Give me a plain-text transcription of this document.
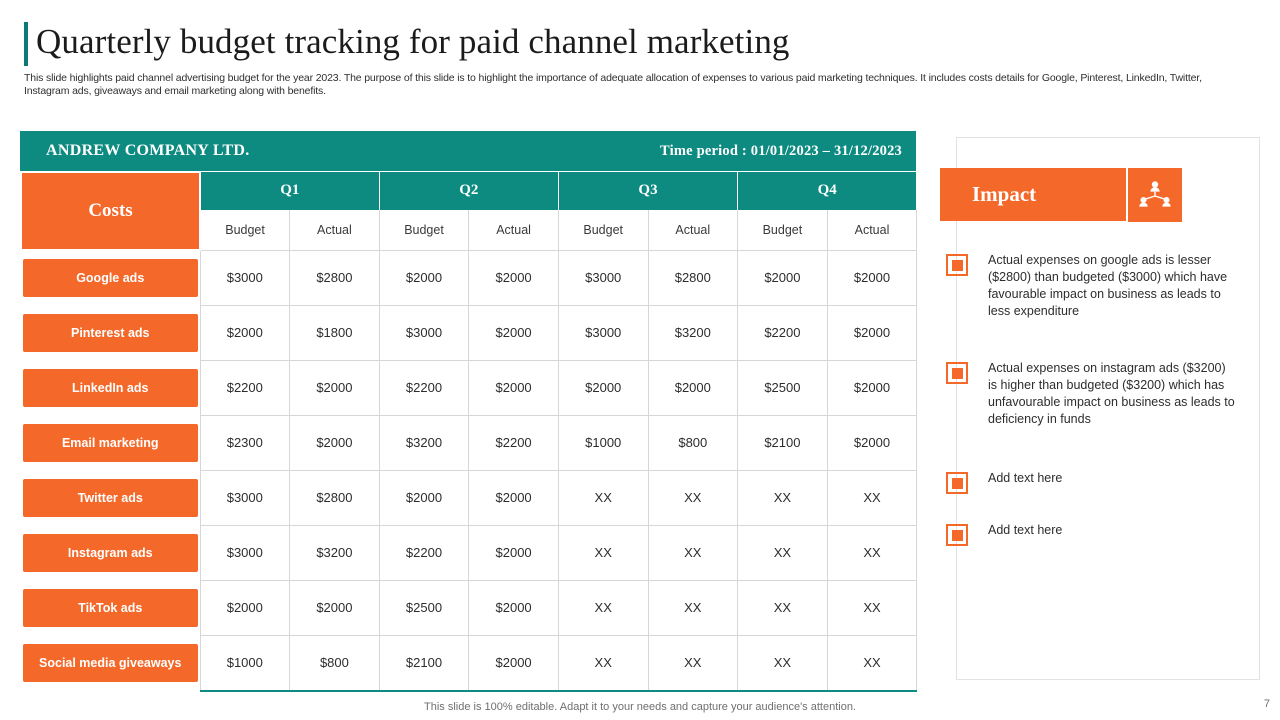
Quarterly budget tracking for paid channel marketing

This slide highlights paid channel advertising budget for the year 2023. The purpose of this slide is to highlight the importance of adequate allocation of expenses to various paid marketing techniques. It includes costs details for Google, Pinterest, LinkedIn, Twitter, Instagram ads, giveaways and email marketing along with benefits.

ANDREW COMPANY LTD.	Time period : 01/01/2023 – 31/12/2023
Costs	Q1		Q2		Q3		Q4	
	Budget	Actual	Budget	Actual	Budget	Actual	Budget	Actual

Google ads	$3000	$2800	$2000	$2000	$3000	$2800	$2000	$2000

Pinterest ads	$2000	$1800	$3000	$2000	$3000	$3200	$2200	$2000

LinkedIn ads	$2200	$2000	$2200	$2000	$2000	$2000	$2500	$2000

Email marketing	$2300	$2000	$3200	$2200	$1000	$800	$2100	$2000

Twitter ads	$3000	$2800	$2000	$2000	XX	XX	XX	XX

Instagram ads	$3000	$3200	$2200	$2000	XX	XX	XX	XX

TikTok ads	$2000	$2000	$2500	$2000	XX	XX	XX	XX

Social media giveaways	$1000	$800	$2100	$2000	XX	XX	XX	XX
Impact
Actual expenses on google ads is lesser ($2800) than budgeted ($3000) which have favourable impact on business as leads to less expenditure
Actual expenses on instagram ads ($3200) is higher than budgeted ($3200) which has unfavourable impact on business as leads to deficiency in funds
Add text here
Add text here
This slide is 100% editable. Adapt it to your needs and capture your audience's attention.	7
